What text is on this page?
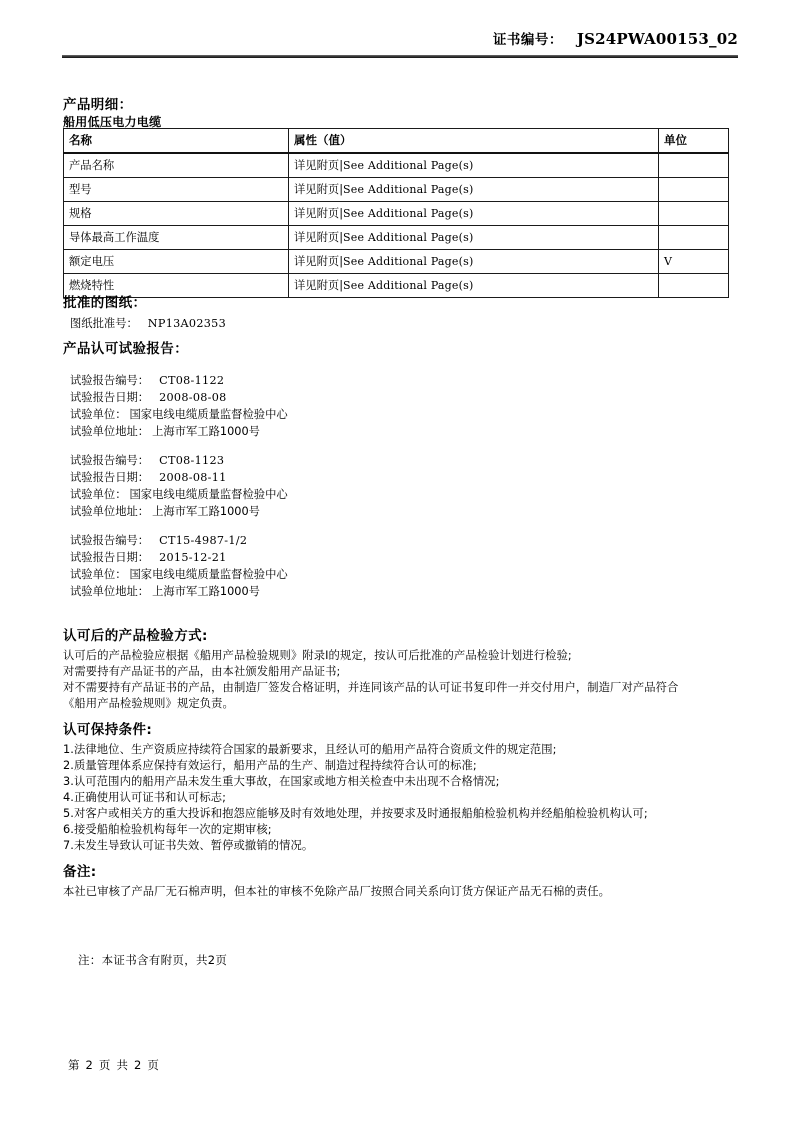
证书编号： JS24PWA00153_02
产品明细：
船用低压电力电缆
名称	属性（值）	单位
产品名称	详见附页|See Additional Page(s)	
型号	详见附页|See Additional Page(s)	
规格	详见附页|See Additional Page(s)	
导体最高工作温度	详见附页|See Additional Page(s)	
额定电压	详见附页|See Additional Page(s)	V
燃烧特性	详见附页|See Additional Page(s)	
批准的图纸：
图纸批准号： NP13A02353
产品认可试验报告：
试验报告编号： CT08-1122
试验报告日期： 2008-08-08
试验单位： 国家电线电缆质量监督检验中心
试验单位地址： 上海市军工路1000号
试验报告编号： CT08-1123
试验报告日期： 2008-08-11
试验单位： 国家电线电缆质量监督检验中心
试验单位地址： 上海市军工路1000号
试验报告编号： CT15-4987-1/2
试验报告日期： 2015-12-21
试验单位： 国家电线电缆质量监督检验中心
试验单位地址： 上海市军工路1000号
认可后的产品检验方式:
认可后的产品检验应根据《船用产品检验规则》附录I的规定，按认可后批准的产品检验计划进行检验;
对需要持有产品证书的产品，由本社颁发船用产品证书;
对不需要持有产品证书的产品，由制造厂签发合格证明，并连同该产品的认可证书复印件一并交付用户，制造厂对产品符合
《船用产品检验规则》规定负责。
认可保持条件:
1.法律地位、生产资质应持续符合国家的最新要求，且经认可的船用产品符合资质文件的规定范围;
2.质量管理体系应保持有效运行，船用产品的生产、制造过程持续符合认可的标准;
3.认可范围内的船用产品未发生重大事故，在国家或地方相关检查中未出现不合格情况;
4.正确使用认可证书和认可标志;
5.对客户或相关方的重大投诉和抱怨应能够及时有效地处理，并按要求及时通报船舶检验机构并经船舶检验机构认可;
6.接受船舶检验机构每年一次的定期审核;
7.未发生导致认可证书失效、暂停或撤销的情况。
备注:
本社已审核了产品厂无石棉声明，但本社的审核不免除产品厂按照合同关系向订货方保证产品无石棉的责任。
注：本证书含有附页，共2页
第 2 页 共 2 页
